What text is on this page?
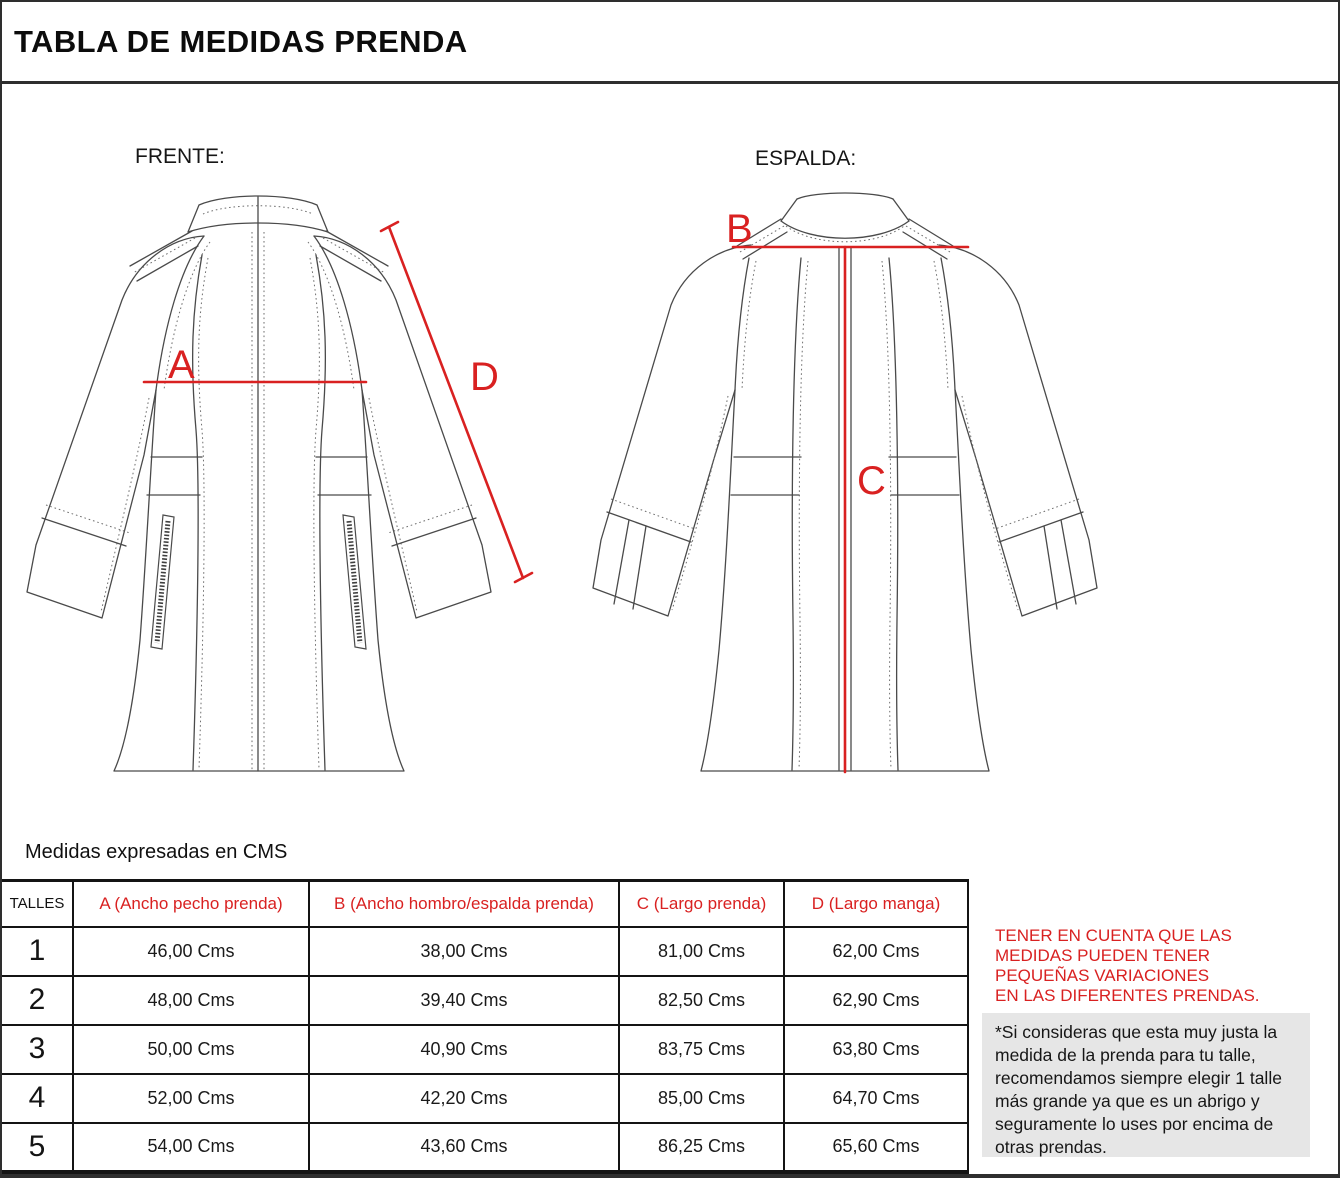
TABLA DE MEDIDAS PRENDA
FRENTE:	ESPALDA:
A	D
B
C
Medidas expresadas en CMS
TALLES	A (Ancho pecho prenda)	B (Ancho hombro/espalda prenda)	C (Largo prenda)	D (Largo manga)
1	46,00 Cms	38,00 Cms	81,00 Cms	62,00 Cms
2	48,00 Cms	39,40 Cms	82,50 Cms	62,90 Cms
3	50,00 Cms	40,90 Cms	83,75 Cms	63,80 Cms
4	52,00 Cms	42,20 Cms	85,00 Cms	64,70 Cms
5	54,00 Cms	43,60 Cms	86,25 Cms	65,60 Cms
TENER EN CUENTA QUE LAS
MEDIDAS PUEDEN TENER
PEQUEÑAS VARIACIONES
EN LAS DIFERENTES PRENDAS.
*Si consideras que esta muy justa la medida de la prenda para tu talle, recomendamos siempre elegir 1 talle más grande ya que es un abrigo y seguramente lo uses por encima de otras prendas.
